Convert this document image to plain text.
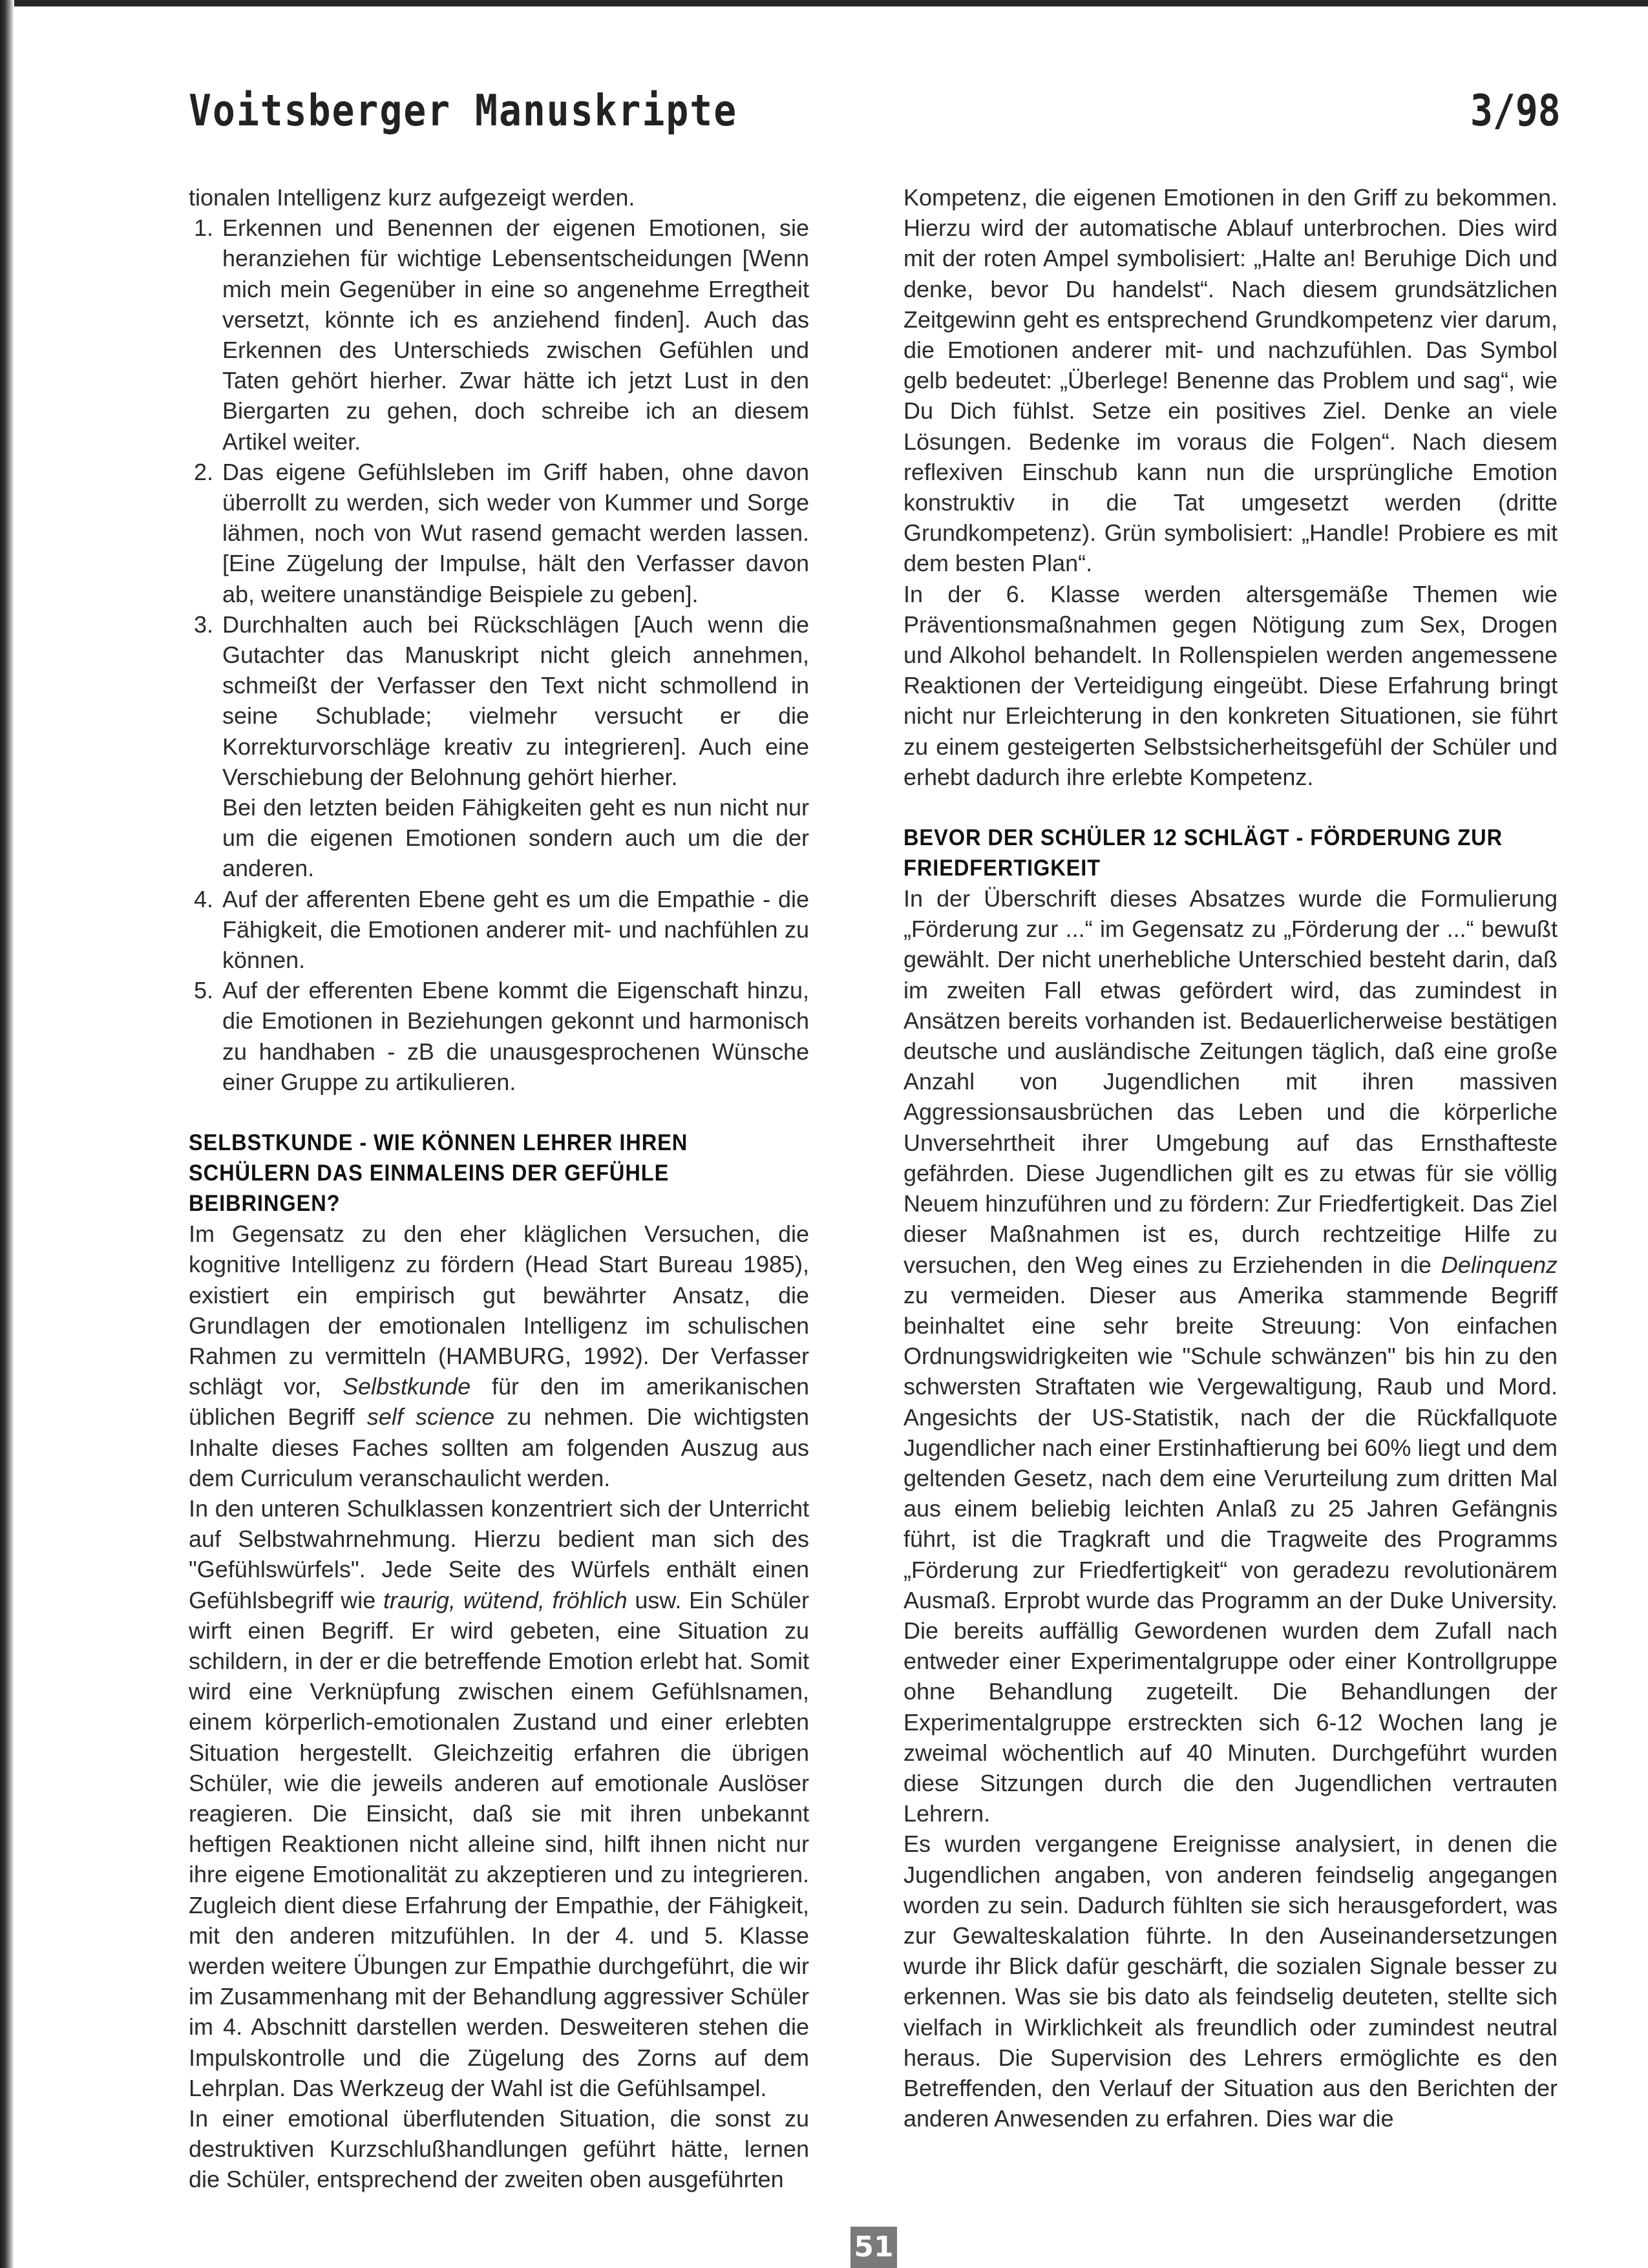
Voitsberger Manuskripte	3/98

tionalen Intelligenz kurz aufgezeigt werden.

1. Erkennen und Benennen der eigenen Emotionen, sie heranziehen für wichtige Lebensentscheidungen [Wenn mich mein Gegenüber in eine so angenehme Erregtheit versetzt, könnte ich es anziehend finden]. Auch das Erkennen des Unterschieds zwischen Gefühlen und Taten gehört hierher. Zwar hätte ich jetzt Lust in den Biergarten zu gehen, doch schreibe ich an diesem Artikel weiter.
2. Das eigene Gefühlsleben im Griff haben, ohne davon überrollt zu werden, sich weder von Kummer und Sorge lähmen, noch von Wut rasend gemacht werden lassen. [Eine Zügelung der Impulse, hält den Verfasser davon ab, weitere unanständige Beispiele zu geben].
3. Durchhalten auch bei Rückschlägen [Auch wenn die Gutachter das Manuskript nicht gleich annehmen, schmeißt der Verfasser den Text nicht schmollend in seine Schublade; vielmehr versucht er die Korrekturvorschläge kreativ zu integrieren]. Auch eine Verschiebung der Belohnung gehört hierher.
Bei den letzten beiden Fähigkeiten geht es nun nicht nur um die eigenen Emotionen sondern auch um die der anderen.
4. Auf der afferenten Ebene geht es um die Empathie - die Fähigkeit, die Emotionen anderer mit- und nachfühlen zu können.
5. Auf der efferenten Ebene kommt die Eigenschaft hinzu, die Emotionen in Beziehungen gekonnt und harmonisch zu handhaben - zB die unausgesprochenen Wünsche einer Gruppe zu artikulieren.
SELBSTKUNDE - WIE KÖNNEN LEHRER IHREN SCHÜLERN DAS EINMALEINS DER GEFÜHLE BEIBRINGEN?

Im Gegensatz zu den eher kläglichen Versuchen, die kognitive Intelligenz zu fördern (Head Start Bureau 1985), existiert ein empirisch gut bewährter Ansatz, die Grundlagen der emotionalen Intelligenz im schulischen Rahmen zu vermitteln (HAMBURG, 1992). Der Verfasser schlägt vor, Selbstkunde für den im amerikanischen üblichen Begriff self science zu nehmen. Die wichtigsten Inhalte dieses Faches sollten am folgenden Auszug aus dem Curriculum veranschaulicht werden.

In den unteren Schulklassen konzentriert sich der Unterricht auf Selbstwahrnehmung. Hierzu bedient man sich des "Gefühlswürfels". Jede Seite des Würfels enthält einen Gefühlsbegriff wie traurig, wütend, fröhlich usw. Ein Schüler wirft einen Begriff. Er wird gebeten, eine Situation zu schildern, in der er die betreffende Emotion erlebt hat. Somit wird eine Verknüpfung zwischen einem Gefühlsnamen, einem körperlich-emotionalen Zustand und einer erlebten Situation hergestellt. Gleichzeitig erfahren die übrigen Schüler, wie die jeweils anderen auf emotionale Auslöser reagieren. Die Einsicht, daß sie mit ihren unbekannt heftigen Reaktionen nicht alleine sind, hilft ihnen nicht nur ihre eigene Emotionalität zu akzeptieren und zu integrieren. Zugleich dient diese Erfahrung der Empathie, der Fähigkeit, mit den anderen mitzufühlen. In der 4. und 5. Klasse werden weitere Übungen zur Empathie durchgeführt, die wir im Zusammenhang mit der Behandlung aggressiver Schüler im 4. Abschnitt darstellen werden. Desweiteren stehen die Impulskontrolle und die Zügelung des Zorns auf dem Lehrplan. Das Werkzeug der Wahl ist die Gefühlsampel.

In einer emotional überflutenden Situation, die sonst zu destruktiven Kurzschlußhandlungen geführt hätte, lernen die Schüler, entsprechend der zweiten oben ausgeführten

Kompetenz, die eigenen Emotionen in den Griff zu bekommen. Hierzu wird der automatische Ablauf unterbrochen. Dies wird mit der roten Ampel symbolisiert: „Halte an! Beruhige Dich und denke, bevor Du handelst“. Nach diesem grundsätzlichen Zeitgewinn geht es entsprechend Grundkompetenz vier darum, die Emotionen anderer mit- und nachzufühlen. Das Symbol gelb bedeutet: „Überlege! Benenne das Problem und sag“, wie Du Dich fühlst. Setze ein positives Ziel. Denke an viele Lösungen. Bedenke im voraus die Folgen“. Nach diesem reflexiven Einschub kann nun die ursprüngliche Emotion konstruktiv in die Tat umgesetzt werden (dritte Grundkompetenz). Grün symbolisiert: „Handle! Probiere es mit dem besten Plan“.

In der 6. Klasse werden altersgemäße Themen wie Präventionsmaßnahmen gegen Nötigung zum Sex, Drogen und Alkohol behandelt. In Rollenspielen werden angemessene Reaktionen der Verteidigung eingeübt. Diese Erfahrung bringt nicht nur Erleichterung in den konkreten Situationen, sie führt zu einem gesteigerten Selbstsicherheitsgefühl der Schüler und erhebt dadurch ihre erlebte Kompetenz.

BEVOR DER SCHÜLER 12 SCHLÄGT - FÖRDERUNG ZUR FRIEDFERTIGKEIT

In der Überschrift dieses Absatzes wurde die Formulierung „Förderung zur ...“ im Gegensatz zu „Förderung der ...“ bewußt gewählt. Der nicht unerhebliche Unterschied besteht darin, daß im zweiten Fall etwas gefördert wird, das zumindest in Ansätzen bereits vorhanden ist. Bedauerlicherweise bestätigen deutsche und ausländische Zeitungen täglich, daß eine große Anzahl von Jugendlichen mit ihren massiven Aggressionsausbrüchen das Leben und die körperliche Unversehrtheit ihrer Umgebung auf das Ernsthafteste gefährden. Diese Jugendlichen gilt es zu etwas für sie völlig Neuem hinzuführen und zu fördern: Zur Friedfertigkeit. Das Ziel dieser Maßnahmen ist es, durch rechtzeitige Hilfe zu versuchen, den Weg eines zu Erziehenden in die Delinquenz zu vermeiden. Dieser aus Amerika stammende Begriff beinhaltet eine sehr breite Streuung: Von einfachen Ordnungswidrigkeiten wie "Schule schwänzen" bis hin zu den schwersten Straftaten wie Vergewaltigung, Raub und Mord. Angesichts der US-Statistik, nach der die Rückfallquote Jugendlicher nach einer Erstinhaftierung bei 60% liegt und dem geltenden Gesetz, nach dem eine Verurteilung zum dritten Mal aus einem beliebig leichten Anlaß zu 25 Jahren Gefängnis führt, ist die Tragkraft und die Tragweite des Programms „Förderung zur Friedfertigkeit“ von geradezu revolutionärem Ausmaß. Erprobt wurde das Programm an der Duke University. Die bereits auffällig Gewordenen wurden dem Zufall nach entweder einer Experimentalgruppe oder einer Kontrollgruppe ohne Behandlung zugeteilt. Die Behandlungen der Experimentalgruppe erstreckten sich 6-12 Wochen lang je zweimal wöchentlich auf 40 Minuten. Durchgeführt wurden diese Sitzungen durch die den Jugendlichen vertrauten Lehrern.

Es wurden vergangene Ereignisse analysiert, in denen die Jugendlichen angaben, von anderen feindselig angegangen worden zu sein. Dadurch fühlten sie sich herausgefordert, was zur Gewalteskalation führte. In den Auseinandersetzungen wurde ihr Blick dafür geschärft, die sozialen Signale besser zu erkennen. Was sie bis dato als feindselig deuteten, stellte sich vielfach in Wirklichkeit als freundlich oder zumindest neutral heraus. Die Supervision des Lehrers ermöglichte es den Betreffenden, den Verlauf der Situation aus den Berichten der anderen Anwesenden zu erfahren. Dies war die

51
